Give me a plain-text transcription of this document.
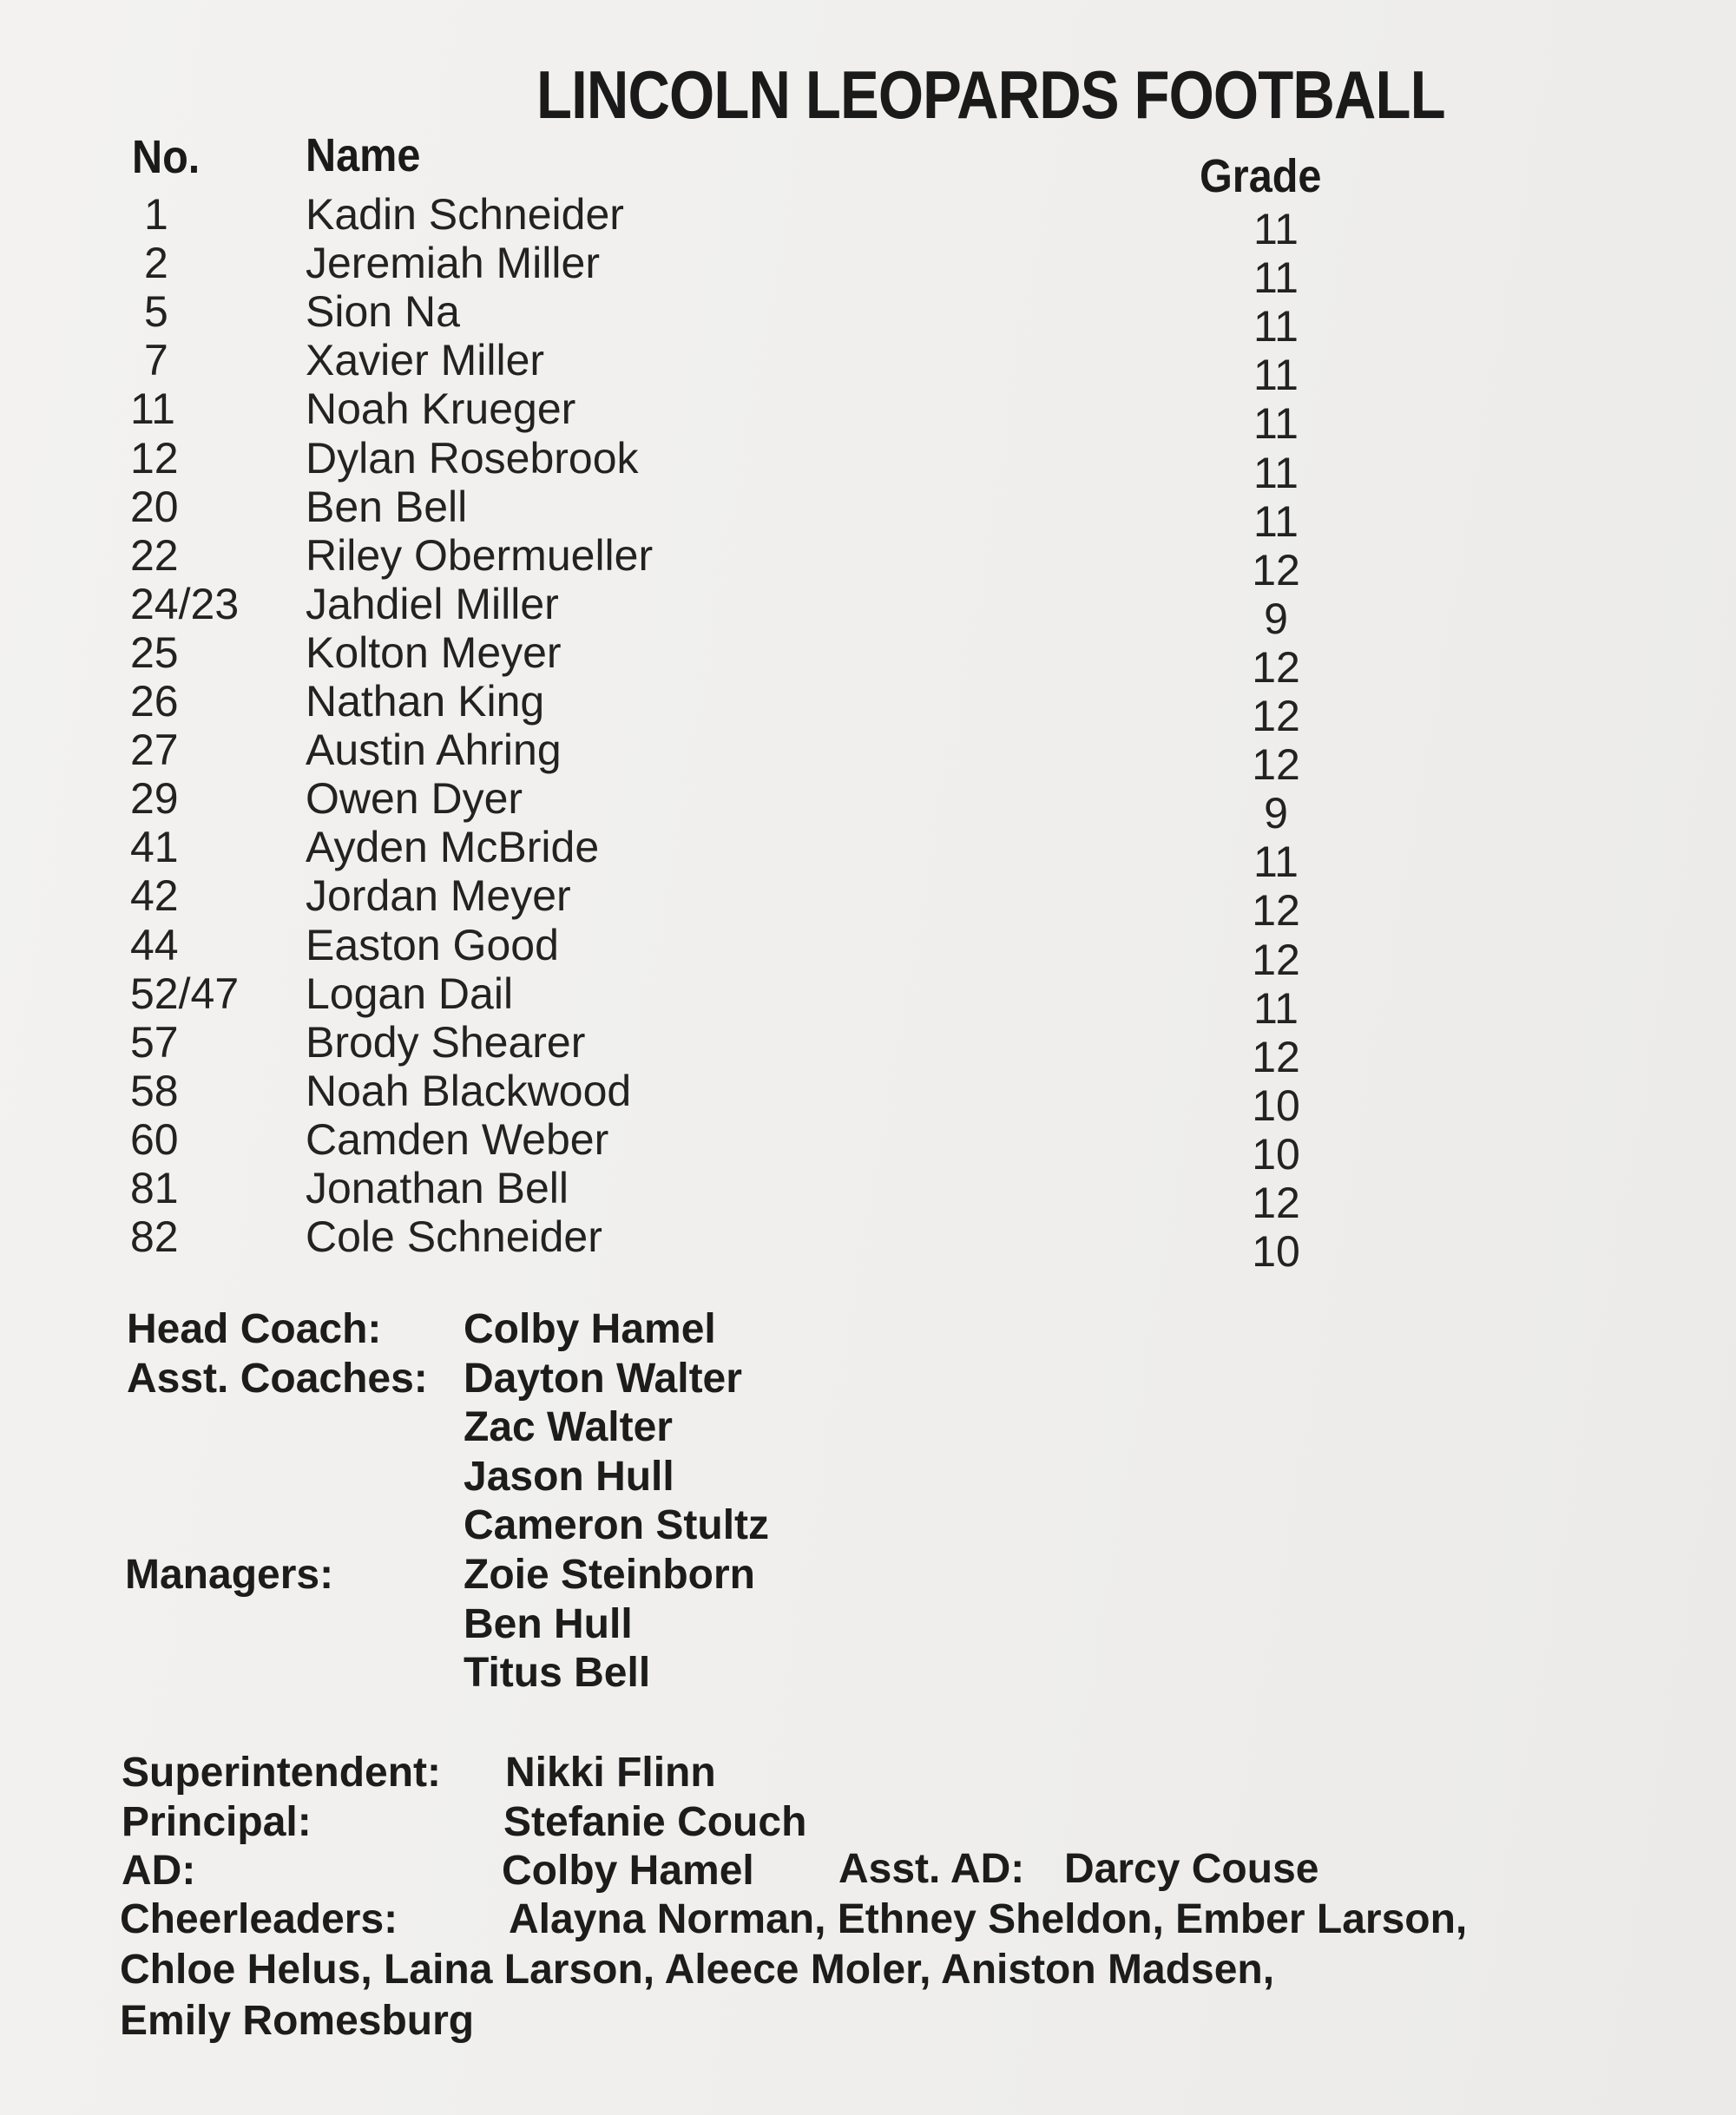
LINCOLN LEOPARDS FOOTBALL
No. Name	Grade
1	Kadin Schneider	11
2	Jeremiah Miller	11
5	Sion Na	11
7	Xavier Miller	11
11	Noah Krueger	11
12	Dylan Rosebrook	11
20	Ben Bell	11
22	Riley Obermueller	12
24/23 Jahdiel Miller	9
25	Kolton Meyer	12
26	Nathan King	12
27	Austin Ahring	12
29	Owen Dyer	9
41	Ayden McBride	11
42	Jordan Meyer	12
44	Easton Good	12
52/47 Logan Dail	11
57	Brody Shearer	12
58	Noah Blackwood	10
60	Camden Weber	10
81	Jonathan Bell	12
82	Cole Schneider	10
Head Coach: Colby Hamel
Asst. Coaches: Dayton Walter
Zac Walter
Jason Hull
Cameron Stultz
Managers:	Zoie Steinborn
Ben Hull
Titus Bell
Superintendent: Nikki Flinn
Principal:	Stefanie Couch
AD:	Colby Hamel Asst. AD: Darcy Couse
Cheerleaders:	Alayna Norman, Ethney Sheldon, Ember Larson,
Chloe Helus, Laina Larson, Aleece Moler, Aniston Madsen,
Emily Romesburg
